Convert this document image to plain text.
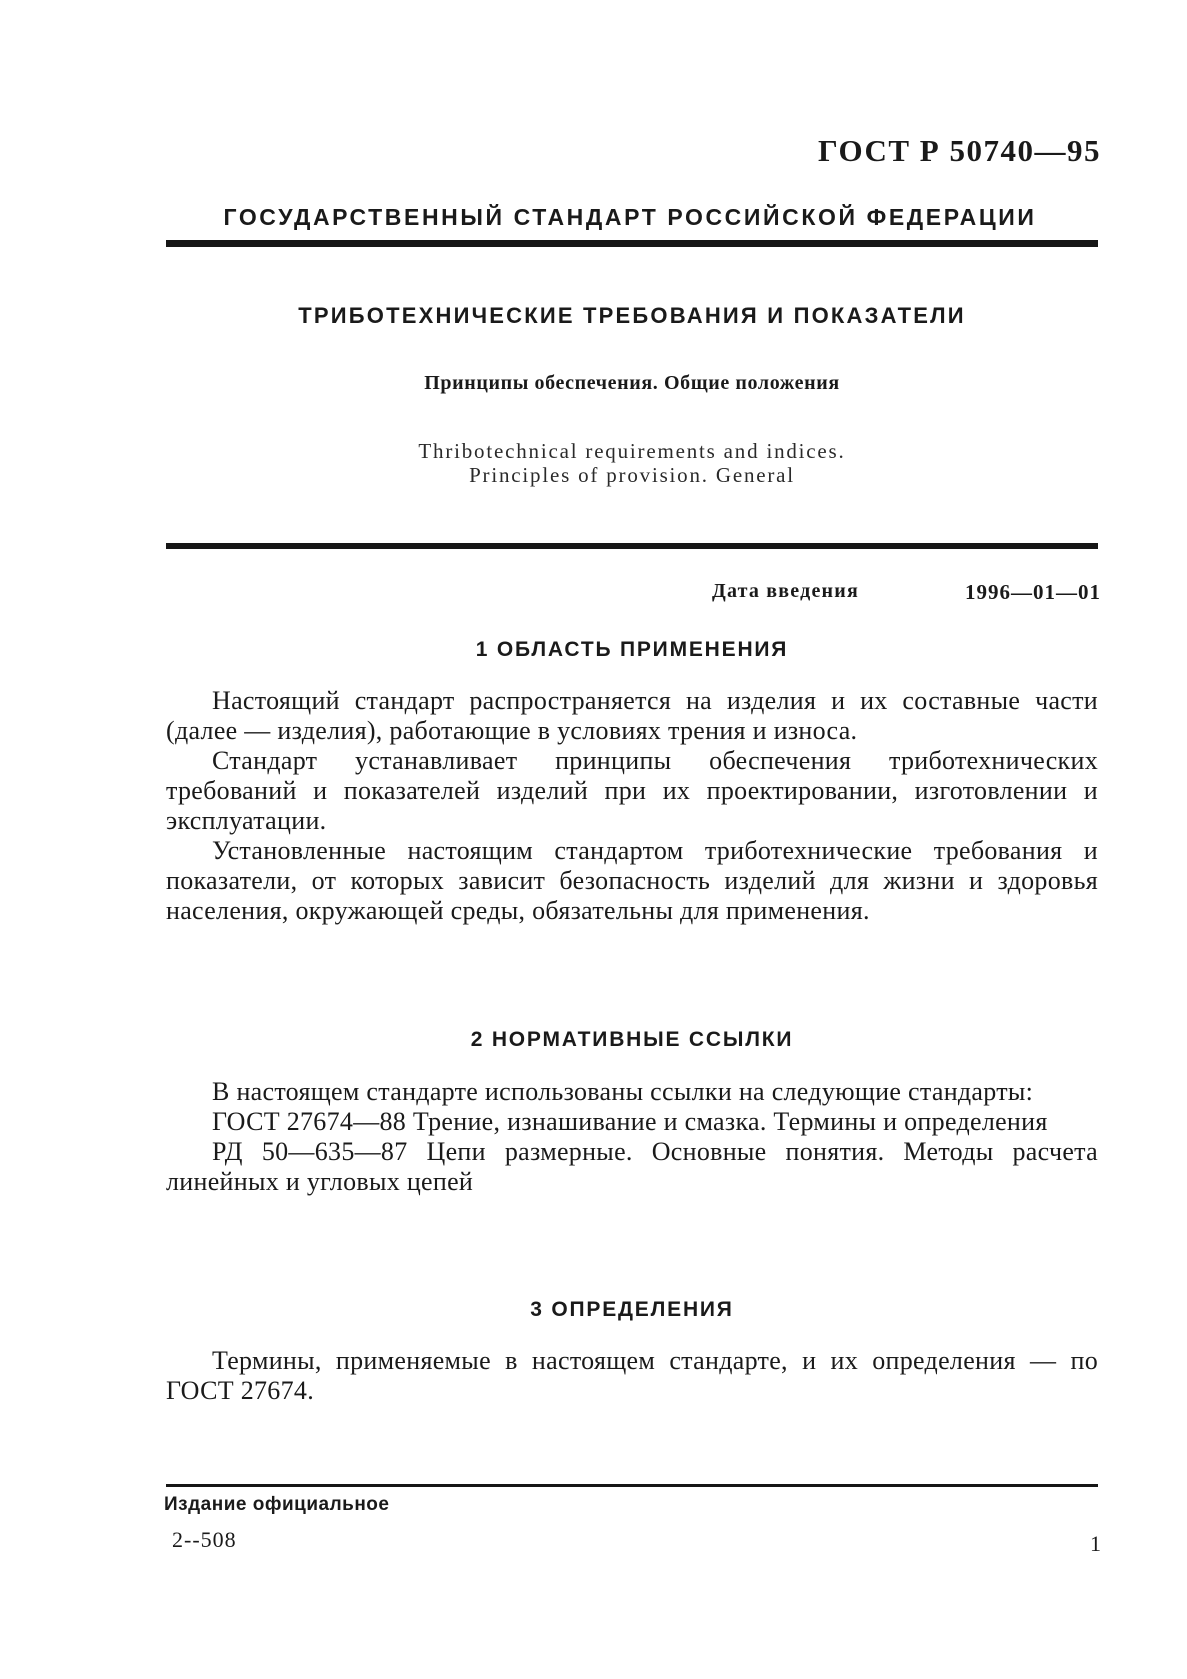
ГОСТ Р 50740—95
ГОСУДАРСТВЕННЫЙ СТАНДАРТ РОССИЙСКОЙ ФЕДЕРАЦИИ
ТРИБОТЕХНИЧЕСКИЕ ТРЕБОВАНИЯ И ПОКАЗАТЕЛИ
Принципы обеспечения. Общие положения
Thribotechnical requirements and indices.
Principles of provision. General
Дата введения	1996—01—01
1 ОБЛАСТЬ ПРИМЕНЕНИЯ

Настоящий стандарт распространяется на изделия и их составные части (далее — изделия), работающие в условиях трения и износа.

Стандарт устанавливает принципы обеспечения триботехнических требований и показателей изделий при их проектировании, изготовлении и эксплуатации.

Установленные настоящим стандартом триботехнические требования и показатели, от которых зависит безопасность изделий для жизни и здоровья населения, окружающей среды, обязательны для применения.

2 НОРМАТИВНЫЕ ССЫЛКИ

В настоящем стандарте использованы ссылки на следующие стандарты:

ГОСТ 27674—88 Трение, изнашивание и смазка. Термины и определения

РД 50—635—87 Цепи размерные. Основные понятия. Методы расчета линейных и угловых цепей

3 ОПРЕДЕЛЕНИЯ

Термины, применяемые в настоящем стандарте, и их определения — по ГОСТ 27674.

Издание официальное
2--508	1
